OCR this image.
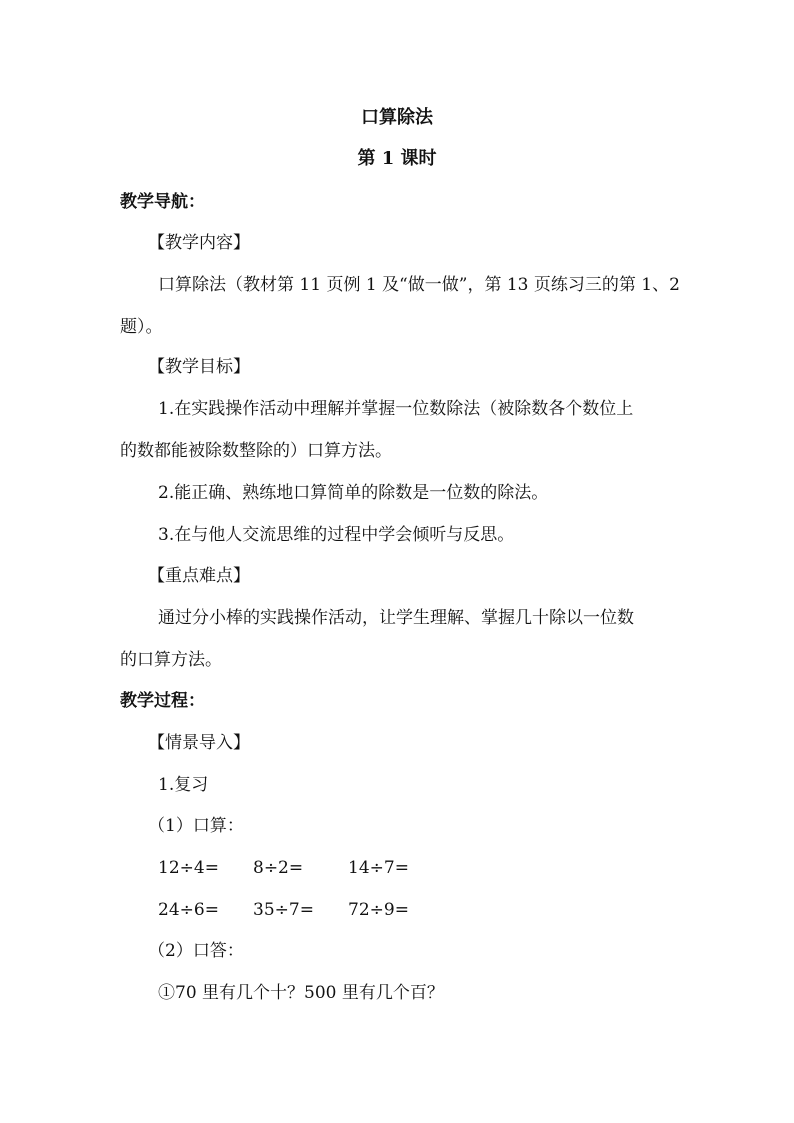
口算除法
第 1 课时
教学导航：
【教学内容】
口算除法（教材第 11 页例 1 及“做一做”，第 13 页练习三的第 1、2
题）。
【教学目标】
1.在实践操作活动中理解并掌握一位数除法（被除数各个数位上
的数都能被除数整除的）口算方法。
2.能正确、熟练地口算简单的除数是一位数的除法。
3.在与他人交流思维的过程中学会倾听与反思。
【重点难点】
通过分小棒的实践操作活动，让学生理解、掌握几十除以一位数
的口算方法。
教学过程：
【情景导入】
1.复习
（1）口算：
12÷4= 8÷2=	14÷7=
24÷6= 35÷7= 72÷9=
（2）口答：
①70 里有几个十？500 里有几个百？
